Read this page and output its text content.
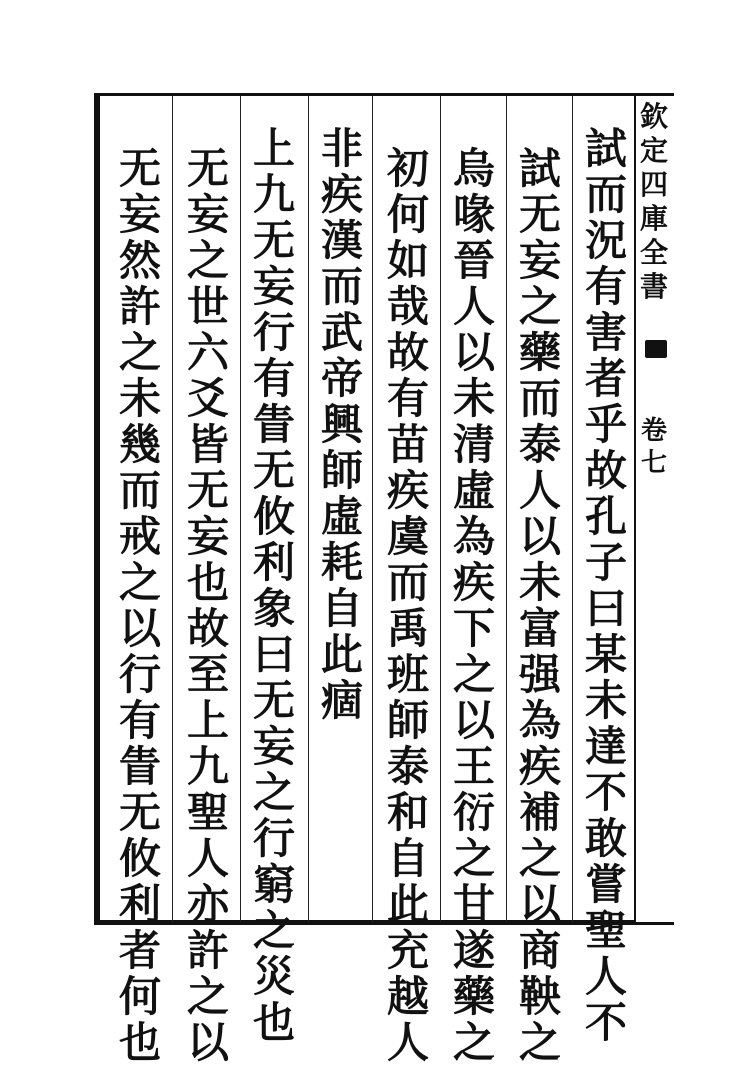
欽
定
四
庫
全
書
卷
七
試
而
況
有
害
者
乎
故
孔
子
曰
某
未
達
不
敢
嘗
聖
人
不
試
无
妄
之
藥
而
泰
人
以
未
富
强
為
疾
補
之
以
商
鞅
之
烏
喙
晉
人
以
未
清
虛
為
疾
下
之
以
王
衍
之
甘
遂
藥
之
初
何
如
哉
故
有
苗
疾
虞
而
禹
班
師
泰
和
自
此
充
越
人
非
疾
漢
而
武
帝
興
師
虛
耗
自
此
痼
上
九
无
妄
行
有
眚
无
攸
利
象
曰
无
妄
之
行
窮
之
災
也
无
妄
之
世
六
爻
皆
无
妄
也
故
至
上
九
聖
人
亦
許
之
以
无
妄
然
許
之
未
幾
而
戒
之
以
行
有
眚
无
攸
利
者
何
也
